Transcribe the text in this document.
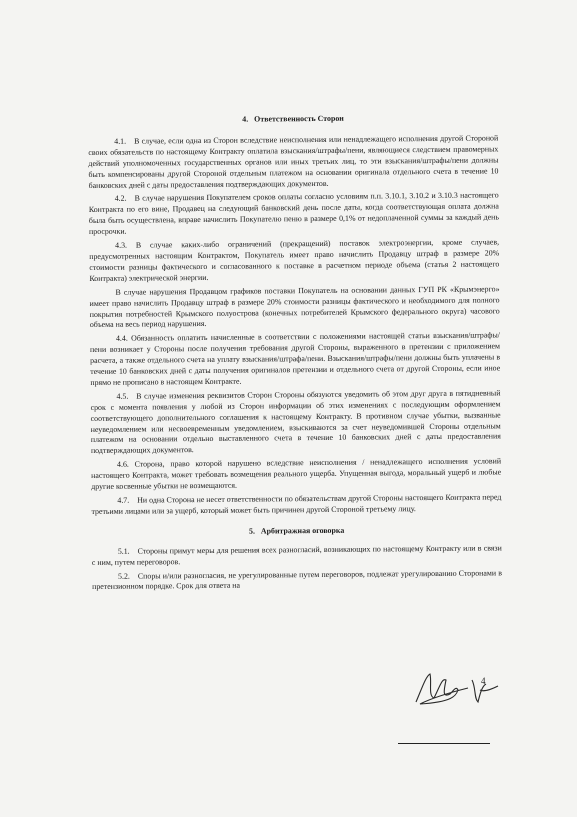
4. Ответственность Сторон

4.1. В случае, если одна из Сторон вследствие неисполнения или ненадлежащего исполнения другой Стороной своих обязательств по настоящему Контракту оплатила взыскания/штрафы/пени, являющиеся следствием правомерных действий уполномоченных государственных органов или иных третьих лиц, то эти взыскания/штрафы/пени должны быть компенсированы другой Стороной отдельным платежом на основании оригинала отдельного счета в течение 10 банковских дней с даты предоставления подтверждающих документов.

4.2. В случае нарушения Покупателем сроков оплаты согласно условиям п.п. 3.10.1, 3.10.2 и 3.10.3 настоящего Контракта по его вине, Продавец на следующий банковский день после даты, когда соответствующая оплата должна была быть осуществлена, вправе начислить Покупателю пеню в размере 0,1% от недоплаченной суммы за каждый день просрочки.

4.3. В случае каких-либо ограничений (прекращений) поставок электроэнергии, кроме случаев, предусмотренных настоящим Контрактом, Покупатель имеет право начислить Продавцу штраф в размере 20% стоимости разницы фактического и согласованного к поставке в расчетном периоде объема (статья 2 настоящего Контракта) электрической энергии.

В случае нарушения Продавцом графиков поставки Покупатель на основании данных ГУП РК «Крымэнерго» имеет право начислить Продавцу штраф в размере 20% стоимости разницы фактического и необходимого для полного покрытия потребностей Крымского полуострова (конечных потребителей Крымского федерального округа) часового объема на весь период нарушения.

4.4. Обязанность оплатить начисленные в соответствии с положениями настоящей статьи взыскания/штрафы/пени возникает у Стороны после получения требования другой Стороны, выраженного в претензии с приложением расчета, а также отдельного счета на уплату взыскания/штрафа/пени. Взыскания/штрафы/пени должны быть уплачены в течение 10 банковских дней с даты получения оригиналов претензии и отдельного счета от другой Стороны, если иное прямо не прописано в настоящем Контракте.

4.5. В случае изменения реквизитов Сторон Стороны обязуются уведомить об этом друг друга в пятидневный срок с момента появления у любой из Сторон информации об этих изменениях с последующим оформлением соответствующего дополнительного соглашения к настоящему Контракту. В противном случае убытки, вызванные неуведомлением или несвоевременным уведомлением, взыскиваются за счет неуведомившей Стороны отдельным платежом на основании отдельно выставленного счета в течение 10 банковских дней с даты предоставления подтверждающих документов.

4.6. Сторона, право которой нарушено вследствие неисполнения / ненадлежащего исполнения условий настоящего Контракта, может требовать возмещения реального ущерба. Упущенная выгода, моральный ущерб и любые другие косвенные убытки не возмещаются.

4.7. Ни одна Сторона не несет ответственности по обязательствам другой Стороны настоящего Контракта перед третьими лицами или за ущерб, который может быть причинен другой Стороной третьему лицу.

5. Арбитражная оговорка

5.1. Стороны примут меры для решения всех разногласий, возникающих по настоящему Контракту или в связи с ним, путем переговоров.

5.2. Споры и/или разногласия, не урегулированные путем переговоров, подлежат урегулированию Сторонами в претензионном порядке. Срок для ответа на

4
